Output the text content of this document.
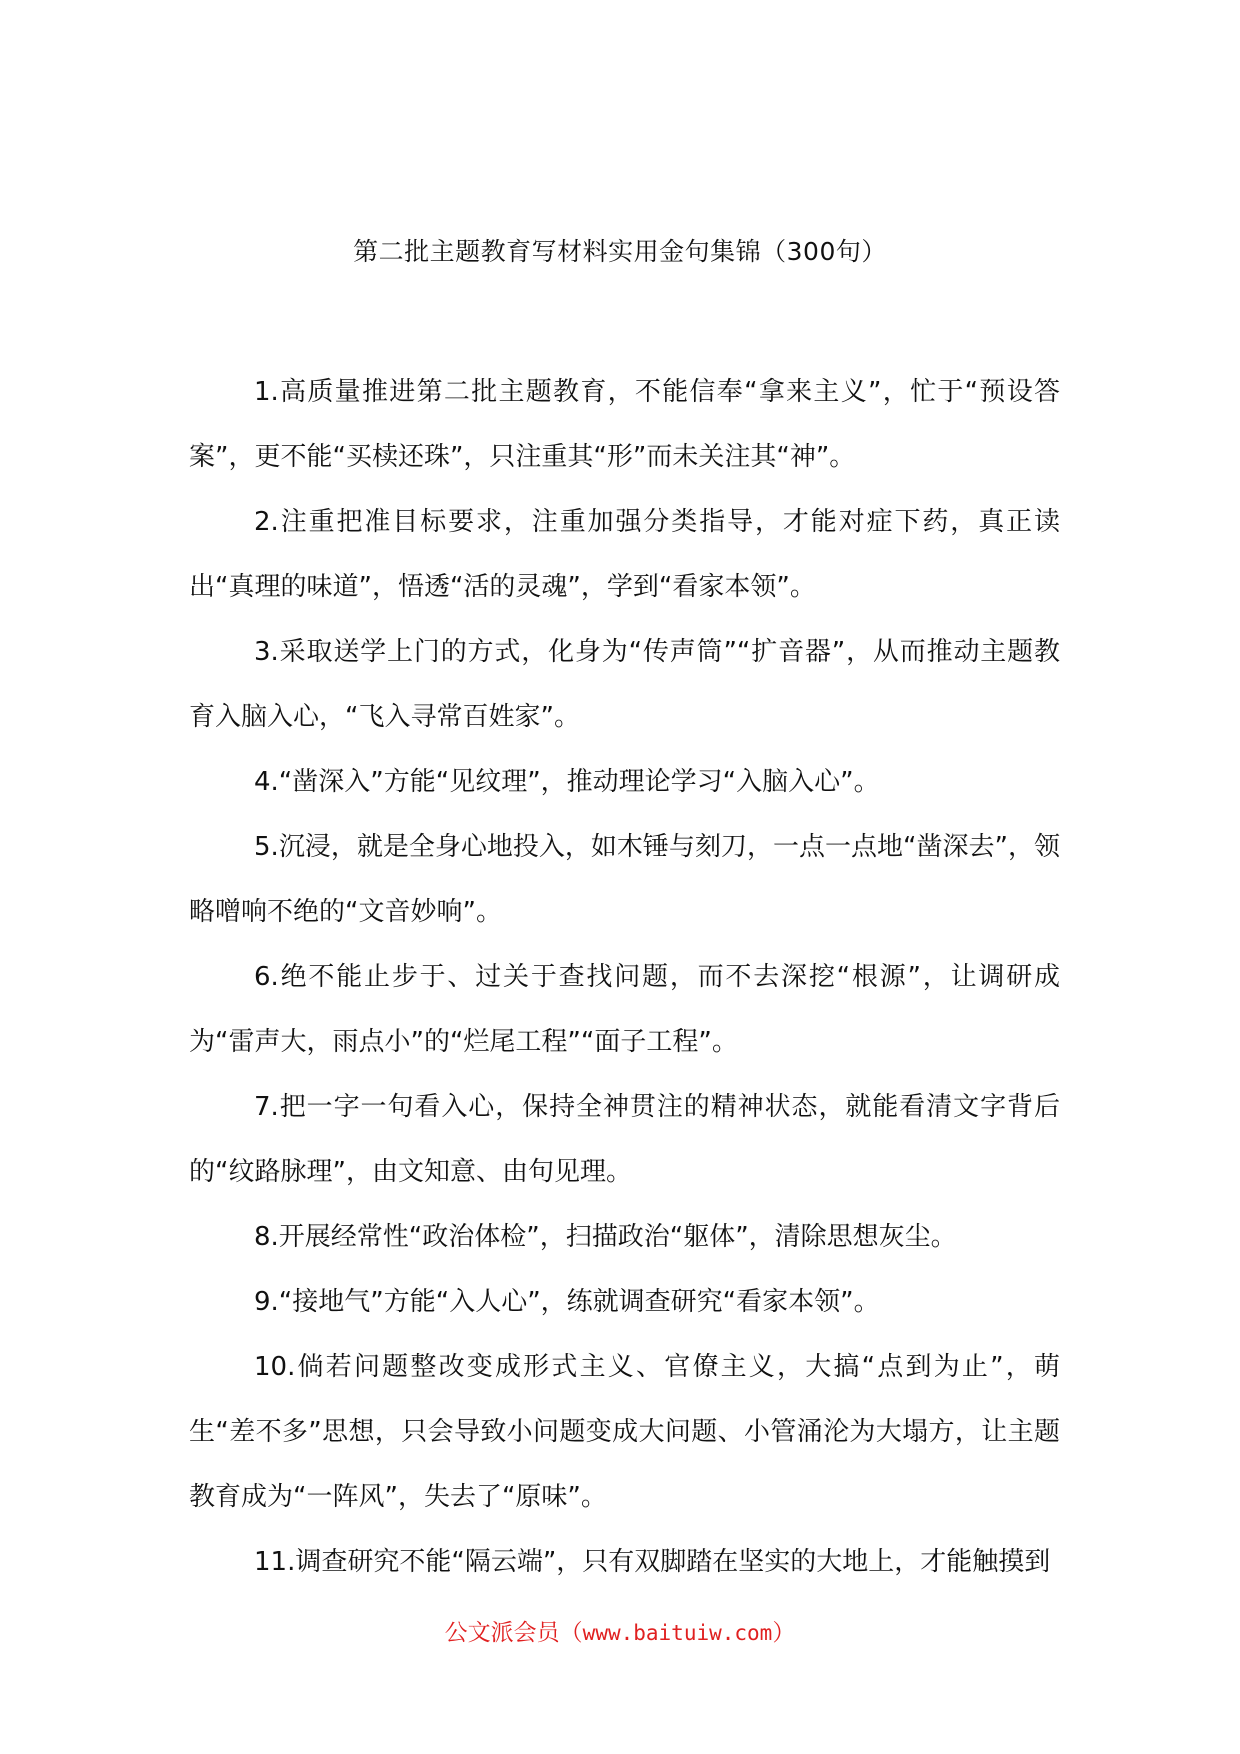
第二批主题教育写材料实用金句集锦（300句）

1.高质量推进第二批主题教育，不能信奉“拿来主义”，忙于“预设答案”，更不能“买椟还珠”，只注重其“形”而未关注其“神”。

2.注重把准目标要求，注重加强分类指导，才能对症下药，真正读出“真理的味道”，悟透“活的灵魂”，学到“看家本领”。

3.采取送学上门的方式，化身为“传声筒”“扩音器”，从而推动主题教育入脑入心，“飞入寻常百姓家”。

4.“凿深入”方能“见纹理”，推动理论学习“入脑入心”。

5.沉浸，就是全身心地投入，如木锤与刻刀，一点一点地“凿深去”，领略噌响不绝的“文音妙响”。

6.绝不能止步于、过关于查找问题，而不去深挖“根源”，让调研成为“雷声大，雨点小”的“烂尾工程”“面子工程”。

7.把一字一句看入心，保持全神贯注的精神状态，就能看清文字背后的“纹路脉理”，由文知意、由句见理。

8.开展经常性“政治体检”，扫描政治“躯体”，清除思想灰尘。

9.“接地气”方能“入人心”，练就调查研究“看家本领”。

10.倘若问题整改变成形式主义、官僚主义，大搞“点到为止”，萌生“差不多”思想，只会导致小问题变成大问题、小管涌沦为大塌方，让主题教育成为“一阵风”，失去了“原味”。

11.调查研究不能“隔云端”，只有双脚踏在坚实的大地上，才能触摸到

公文派会员（www.baituiw.com）
